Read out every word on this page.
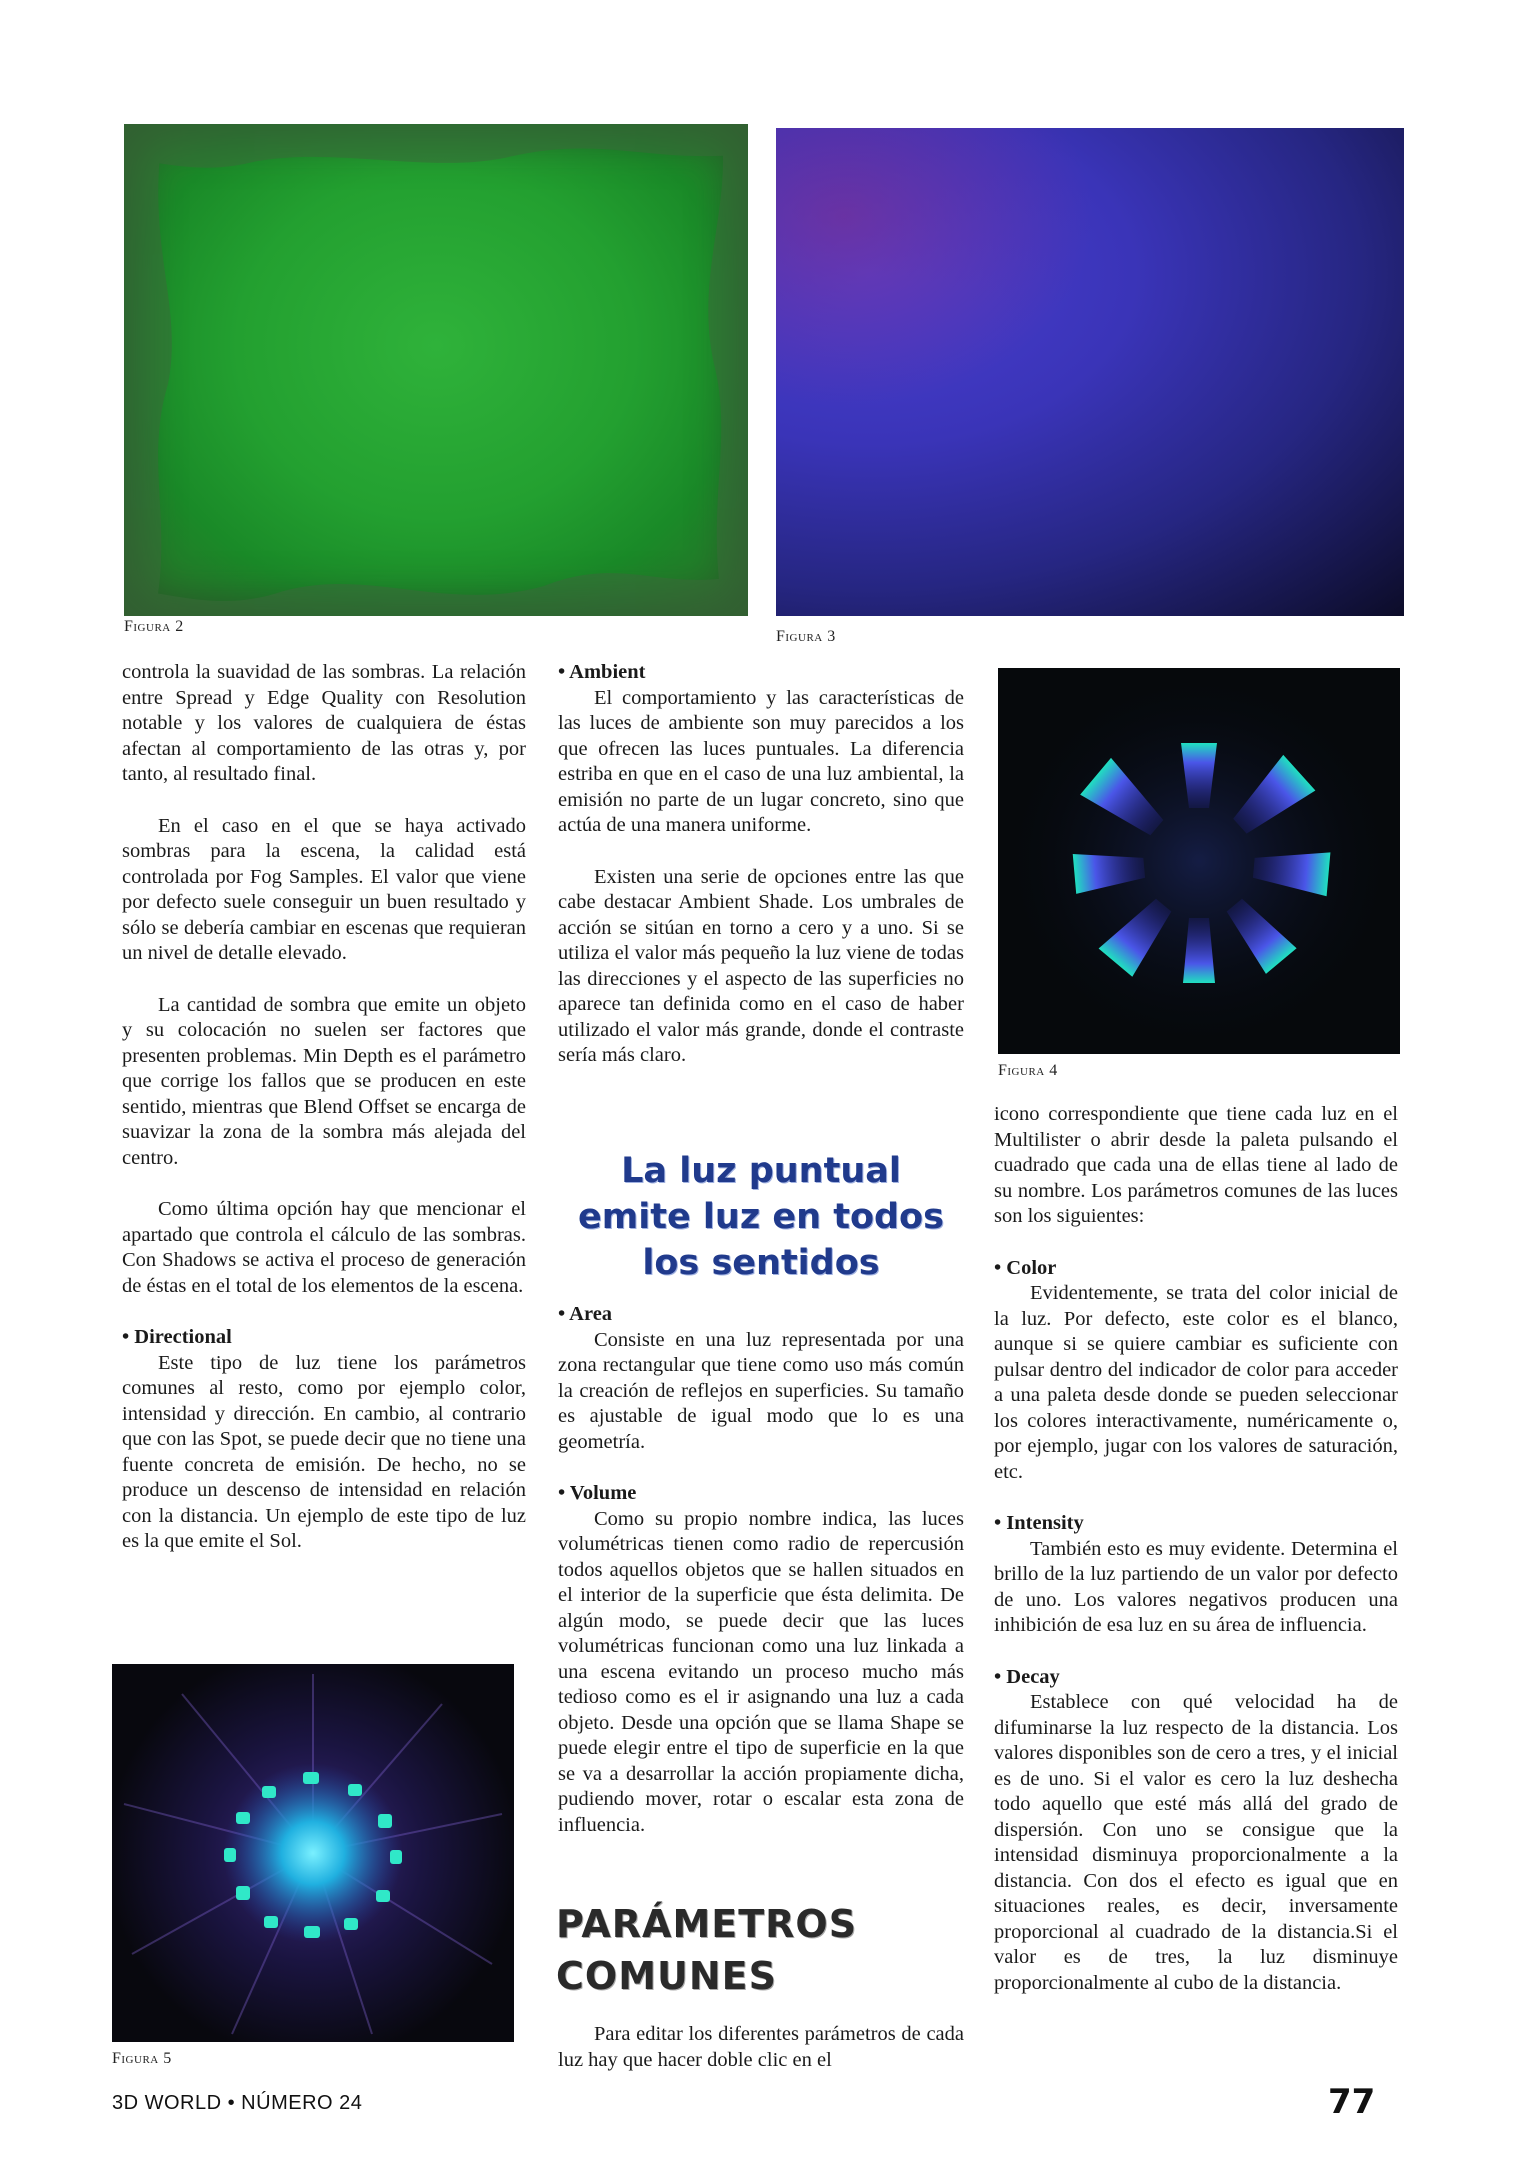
Figura 2
Figura 3
Figura 4
Figura 5

controla la suavidad de las sombras. La relación entre Spread y Edge Quality con Resolution notable y los valores de cualquiera de éstas afectan al comportamiento de las otras y, por tanto, al resultado final.

En el caso en el que se haya activado sombras para la escena, la calidad está controlada por Fog Samples. El valor que viene por defecto suele conseguir un buen resultado y sólo se debería cambiar en escenas que requieran un nivel de detalle elevado.

La cantidad de sombra que emite un objeto y su colocación no suelen ser factores que presenten problemas. Min Depth es el parámetro que corrige los fallos que se producen en este sentido, mientras que Blend Offset se encarga de suavizar la zona de la sombra más alejada del centro.

Como última opción hay que mencionar el apartado que controla el cálculo de las sombras. Con Shadows se activa el proceso de generación de éstas en el total de los elementos de la escena.

• Directional

Este tipo de luz tiene los parámetros comunes al resto, como por ejemplo color, intensidad y dirección. En cambio, al contrario que con las Spot, se puede decir que no tiene una fuente concreta de emisión. De hecho, no se produce un descenso de intensidad en relación con la distancia. Un ejemplo de este tipo de luz es la que emite el Sol.

• Ambient

El comportamiento y las características de las luces de ambiente son muy parecidos a los que ofrecen las luces puntuales. La diferencia estriba en que en el caso de una luz ambiental, la emisión no parte de un lugar concreto, sino que actúa de una manera uniforme.

Existen una serie de opciones entre las que cabe destacar Ambient Shade. Los umbrales de acción se sitúan en torno a cero y a uno. Si se utiliza el valor más pequeño la luz viene de todas las direcciones y el aspecto de las superficies no aparece tan definida como en el caso de haber utilizado el valor más grande, donde el contraste sería más claro.

La luz puntual emite luz en todos los sentidos

• Area

Consiste en una luz representada por una zona rectangular que tiene como uso más común la creación de reflejos en superficies. Su tamaño es ajustable de igual modo que lo es una geometría.

• Volume

Como su propio nombre indica, las luces volumétricas tienen como radio de repercusión todos aquellos objetos que se hallen situados en el interior de la superficie que ésta delimita. De algún modo, se puede decir que las luces volumétricas funcionan como una luz linkada a una escena evitando un proceso mucho más tedioso como es el ir asignando una luz a cada objeto. Desde una opción que se llama Shape se puede elegir entre el tipo de superficie en la que se va a desarrollar la acción propiamente dicha, pudiendo mover, rotar o escalar esta zona de influencia.

PARÁMETROS COMUNES

Para editar los diferentes parámetros de cada luz hay que hacer doble clic en el

icono correspondiente que tiene cada luz en el Multilister o abrir desde la paleta pulsando el cuadrado que cada una de ellas tiene al lado de su nombre. Los parámetros comunes de las luces son los siguientes:

• Color

Evidentemente, se trata del color inicial de la luz. Por defecto, este color es el blanco, aunque si se quiere cambiar es suficiente con pulsar dentro del indicador de color para acceder a una paleta desde donde se pueden seleccionar los colores interactivamente, numéricamente o, por ejemplo, jugar con los valores de saturación, etc.

• Intensity

También esto es muy evidente. Determina el brillo de la luz partiendo de un valor por defecto de uno. Los valores negativos producen una inhibición de esa luz en su área de influencia.

• Decay

Establece con qué velocidad ha de difuminarse la luz respecto de la distancia. Los valores disponibles son de cero a tres, y el inicial es de uno. Si el valor es cero la luz deshecha todo aquello que esté más allá del grado de dispersión. Con uno se consigue que la intensidad disminuya proporcionalmente a la distancia. Con dos el efecto es igual que en situaciones reales, es decir, inversamente proporcional al cuadrado de la distancia.Si el valor es de tres, la luz disminuye proporcionalmente al cubo de la distancia.

3D WORLD • NÚMERO 24	77
